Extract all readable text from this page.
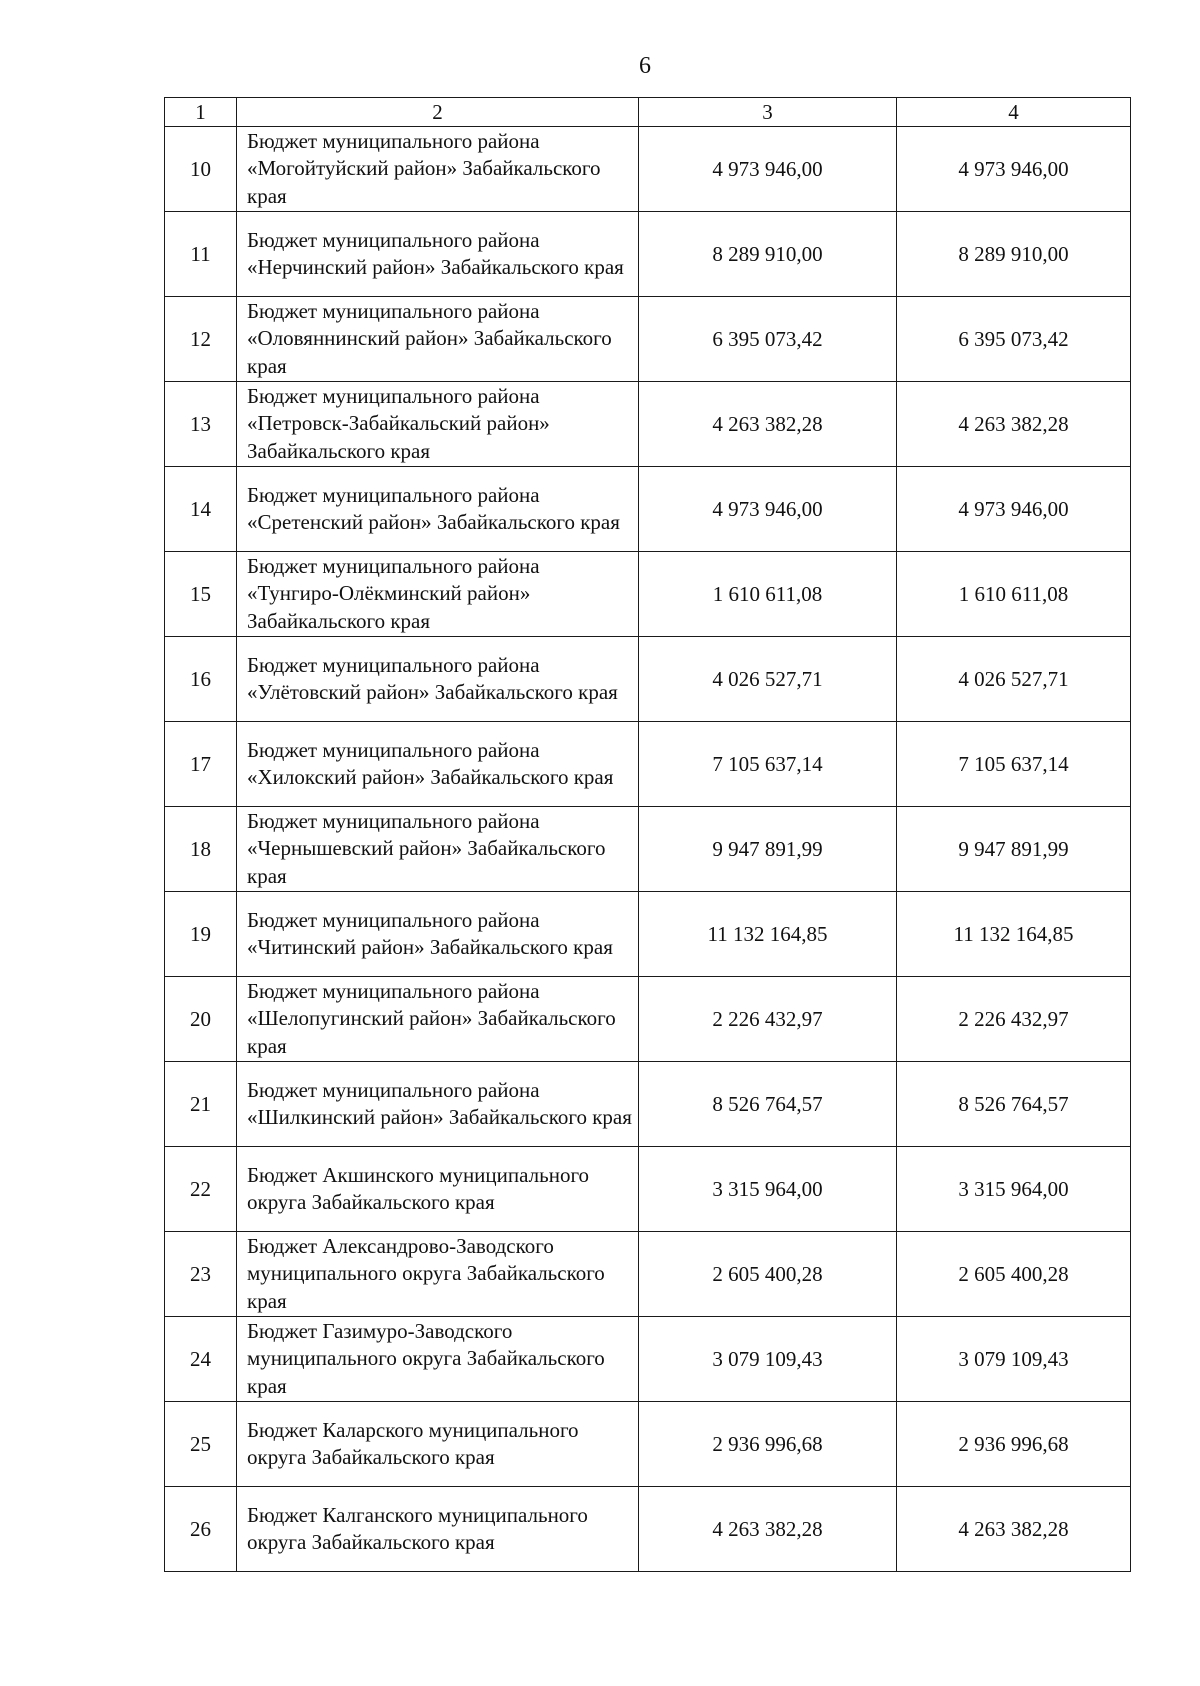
6
1	2	3	4
10	Бюджет муниципального района «Могойтуйский район» Забайкальского края	4 973 946,00	4 973 946,00
11	Бюджет муниципального района «Нерчинский район» Забайкальского края	8 289 910,00	8 289 910,00
12	Бюджет муниципального района «Оловяннинский район» Забайкальского края	6 395 073,42	6 395 073,42
13	Бюджет муниципального района «Петровск-Забайкальский район» Забайкальского края	4 263 382,28	4 263 382,28
14	Бюджет муниципального района «Сретенский район» Забайкальского края	4 973 946,00	4 973 946,00
15	Бюджет муниципального района «Тунгиро-Олёкминский район» Забайкальского края	1 610 611,08	1 610 611,08
16	Бюджет муниципального района «Улётовский район» Забайкальского края	4 026 527,71	4 026 527,71
17	Бюджет муниципального района «Хилокский район» Забайкальского края	7 105 637,14	7 105 637,14
18	Бюджет муниципального района «Чернышевский район» Забайкальского края	9 947 891,99	9 947 891,99
19	Бюджет муниципального района «Читинский район» Забайкальского края	11 132 164,85	11 132 164,85
20	Бюджет муниципального района «Шелопугинский район» Забайкальского края	2 226 432,97	2 226 432,97
21	Бюджет муниципального района «Шилкинский район» Забайкальского края	8 526 764,57	8 526 764,57
22	Бюджет Акшинского муниципального округа Забайкальского края	3 315 964,00	3 315 964,00
23	Бюджет Александрово-Заводского муниципального округа Забайкальского края	2 605 400,28	2 605 400,28
24	Бюджет Газимуро-Заводского муниципального округа Забайкальского края	3 079 109,43	3 079 109,43
25	Бюджет Каларского муниципального округа Забайкальского края	2 936 996,68	2 936 996,68
26	Бюджет Калганского муниципального округа Забайкальского края	4 263 382,28	4 263 382,28
